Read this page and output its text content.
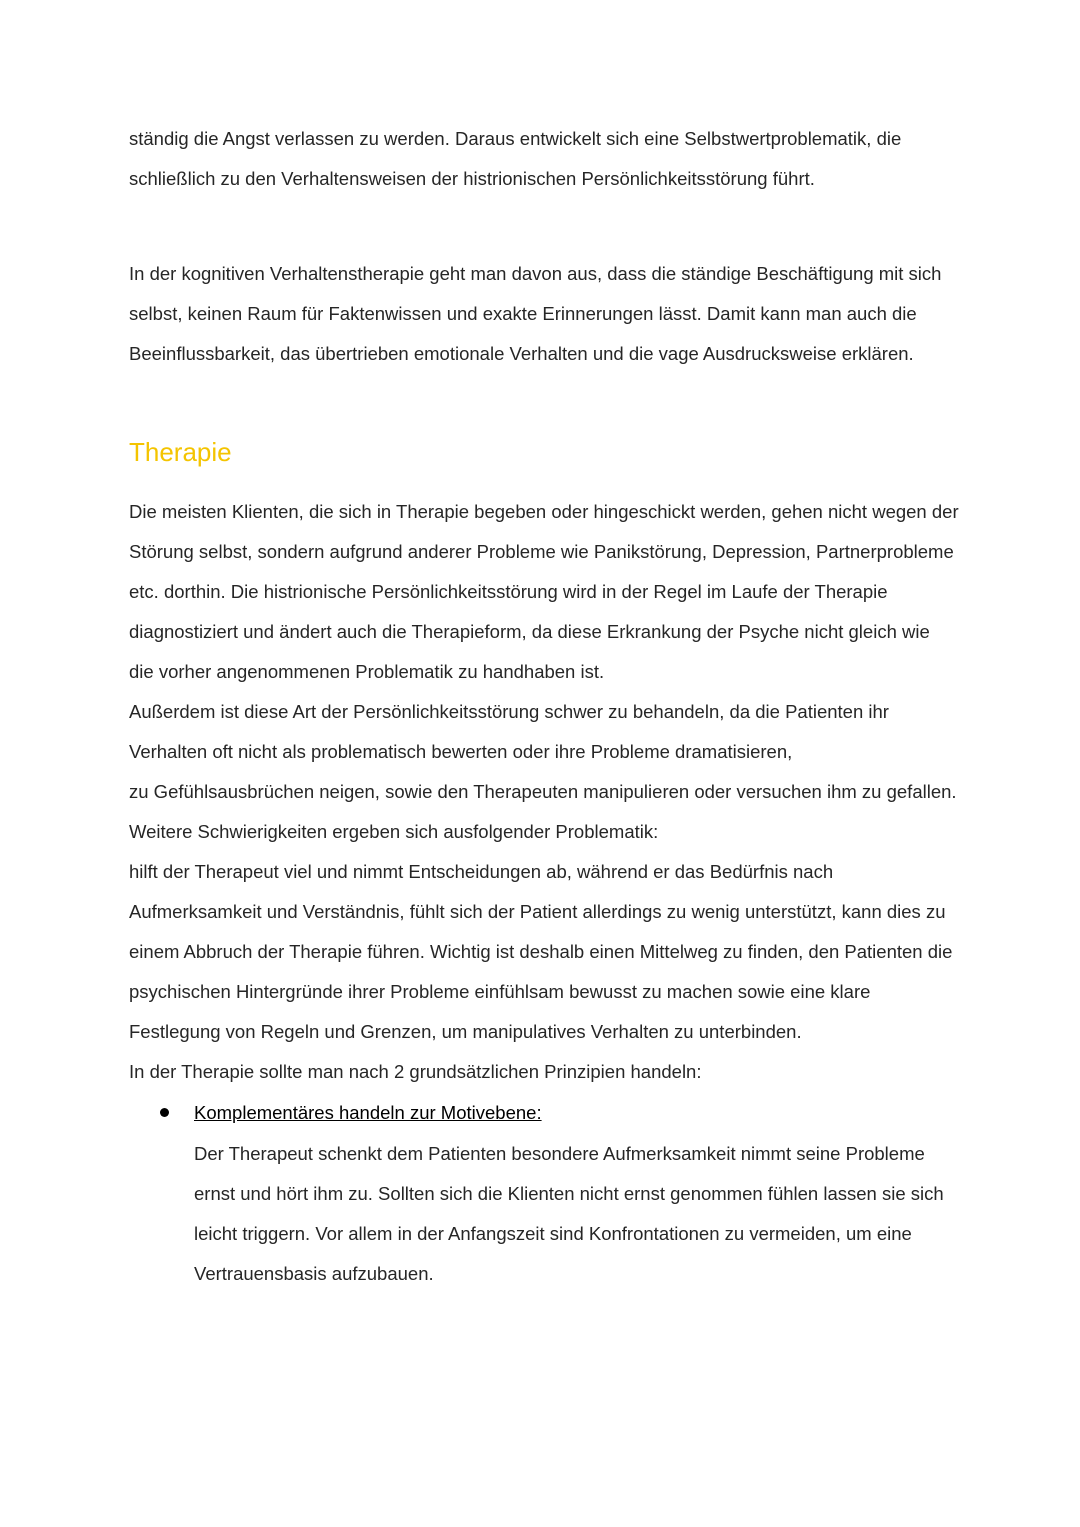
ständig die Angst verlassen zu werden. Daraus entwickelt sich eine Selbstwertproblematik, die schließlich zu den Verhaltensweisen der histrionischen Persönlichkeitsstörung führt.

In der kognitiven Verhaltenstherapie geht man davon aus, dass die ständige Beschäftigung mit sich selbst, keinen Raum für Faktenwissen und exakte Erinnerungen lässt. Damit kann man auch die Beeinflussbarkeit, das übertrieben emotionale Verhalten und die vage Ausdrucksweise erklären.

Therapie

Die meisten Klienten, die sich in Therapie begeben oder hingeschickt werden, gehen nicht wegen der Störung selbst, sondern aufgrund anderer Probleme wie Panikstörung, Depression, Partnerprobleme etc. dorthin. Die histrionische Persönlichkeitsstörung wird in der Regel im Laufe der Therapie diagnostiziert und ändert auch die Therapieform, da diese Erkrankung der Psyche nicht gleich wie die vorher angenommenen Problematik zu handhaben ist.

Außerdem ist diese Art der Persönlichkeitsstörung schwer zu behandeln, da die Patienten ihr Verhalten oft nicht als problematisch bewerten oder ihre Probleme dramatisieren,

zu Gefühlsausbrüchen neigen, sowie den Therapeuten manipulieren oder versuchen ihm zu gefallen.

Weitere Schwierigkeiten ergeben sich ausfolgender Problematik:

hilft der Therapeut viel und nimmt Entscheidungen ab, während er das Bedürfnis nach Aufmerksamkeit und Verständnis, fühlt sich der Patient allerdings zu wenig unterstützt, kann dies zu einem Abbruch der Therapie führen. Wichtig ist deshalb einen Mittelweg zu finden, den Patienten die psychischen Hintergründe ihrer Probleme einfühlsam bewusst zu machen sowie eine klare Festlegung von Regeln und Grenzen, um manipulatives Verhalten zu unterbinden.

In der Therapie sollte man nach 2 grundsätzlichen Prinzipien handeln:

Komplementäres handeln zur Motivebene:

Der Therapeut schenkt dem Patienten besondere Aufmerksamkeit nimmt seine Probleme ernst und hört ihm zu. Sollten sich die Klienten nicht ernst genommen fühlen lassen sie sich leicht triggern. Vor allem in der Anfangszeit sind Konfrontationen zu vermeiden, um eine Vertrauensbasis aufzubauen.
